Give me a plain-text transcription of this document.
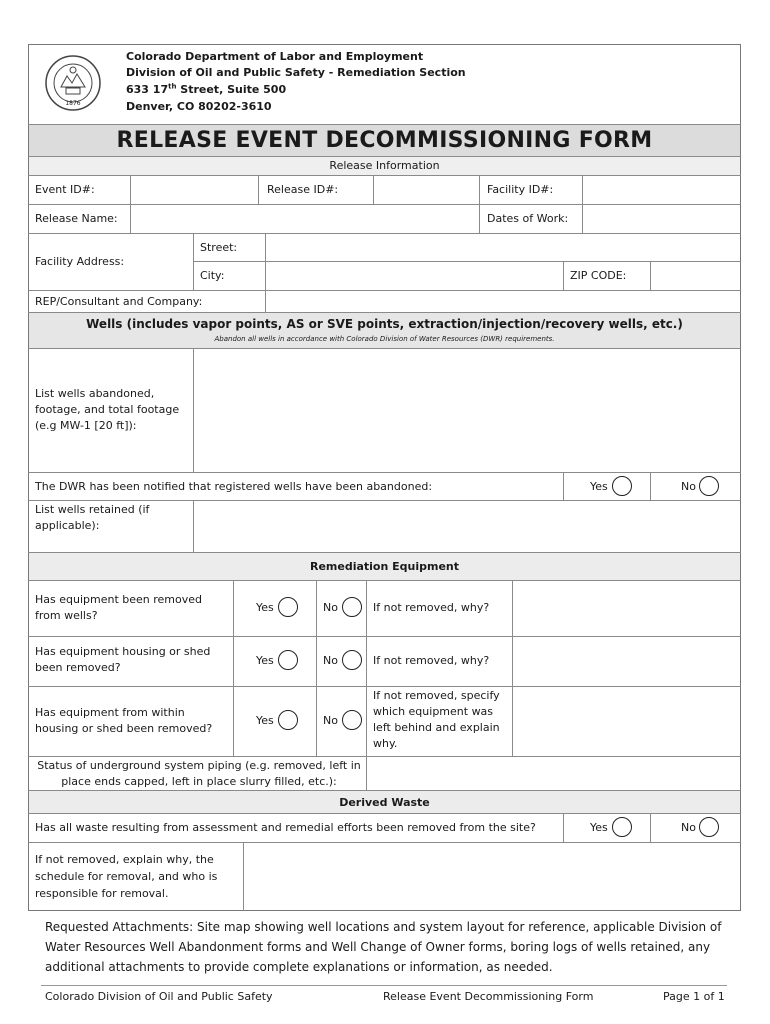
1876
Colorado Department of Labor and Employment
Division of Oil and Public Safety - Remediation Section
633 17th Street, Suite 500
Denver, CO 80202-3610
RELEASE EVENT DECOMMISSIONING FORM
Release Information
Event ID#:	Release ID#:	Facility ID#:
Release Name:	Dates of Work:
Facility Address:
Street:
City:	ZIP CODE:
REP/Consultant and Company:
Wells (includes vapor points, AS or SVE points, extraction/injection/recovery wells, etc.)
Abandon all wells in accordance with Colorado Division of Water Resources (DWR) requirements.
List wells abandoned, footage, and total footage (e.g MW-1 [20 ft]):
The DWR has been notified that registered wells have been abandoned:	Yes	No
List wells retained (if applicable):
Remediation Equipment
Has equipment been removed from wells?
Yes	No	If not removed, why?
Has equipment housing or shed been removed?
Yes	No	If not removed, why?
Has equipment from within housing or shed been removed?
Yes	No
If not removed, specify which equipment was left behind and explain why.
Status of underground system piping (e.g. removed, left in place ends capped, left in place slurry filled, etc.):
Derived Waste
Has all waste resulting from assessment and remedial efforts been removed from the site?	Yes	No
If not removed, explain why, the schedule for removal, and who is responsible for removal.
Requested Attachments: Site map showing well locations and system layout for reference, applicable Division of Water Resources Well Abandonment forms and Well Change of Owner forms, boring logs of wells retained, any additional attachments to provide complete explanations or information, as needed.
Colorado Division of Oil and Public Safety	Release Event Decommissioning Form	Page 1 of 1
